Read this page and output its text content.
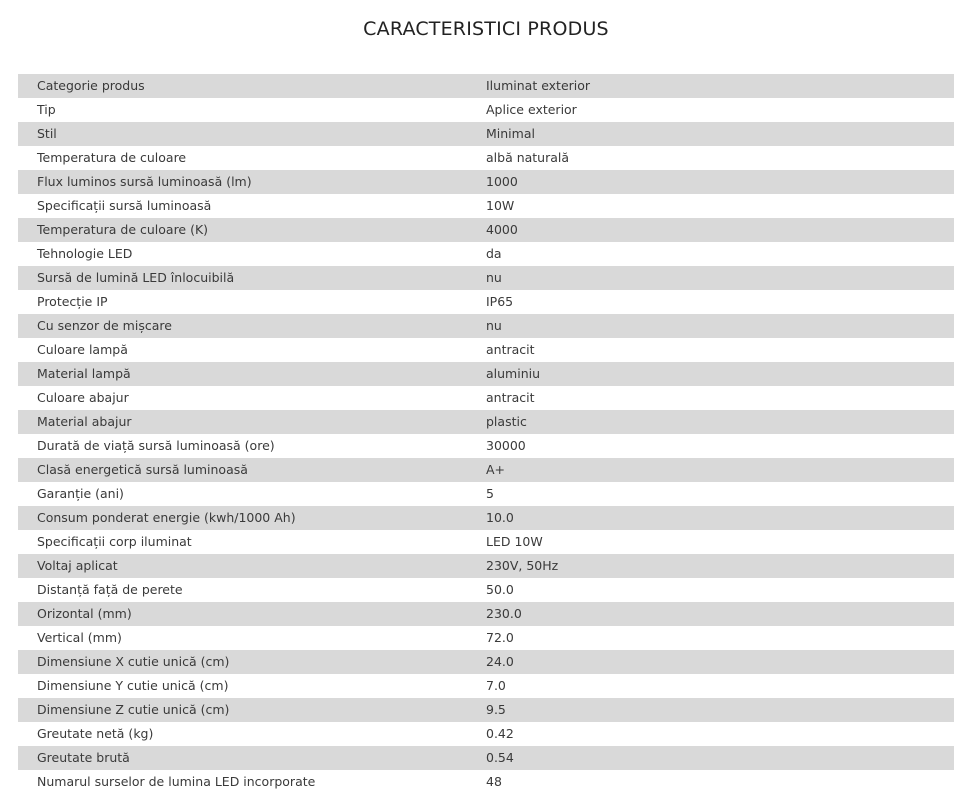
CARACTERISTICI PRODUS
Categorie produs	Iluminat exterior
Tip	Aplice exterior
Stil	Minimal
Temperatura de culoare	albă naturală
Flux luminos sursă luminoasă (lm)	1000
Specificații sursă luminoasă	10W
Temperatura de culoare (K)	4000
Tehnologie LED	da
Sursă de lumină LED înlocuibilă	nu
Protecție IP	IP65
Cu senzor de mișcare	nu
Culoare lampă	antracit
Material lampă	aluminiu
Culoare abajur	antracit
Material abajur	plastic
Durată de viață sursă luminoasă (ore)	30000
Clasă energetică sursă luminoasă	A+
Garanție (ani)	5
Consum ponderat energie (kwh/1000 Ah)	10.0
Specificații corp iluminat	LED 10W
Voltaj aplicat	230V, 50Hz
Distanță față de perete	50.0
Orizontal (mm)	230.0
Vertical (mm)	72.0
Dimensiune X cutie unică (cm)	24.0
Dimensiune Y cutie unică (cm)	7.0
Dimensiune Z cutie unică (cm)	9.5
Greutate netă (kg)	0.42
Greutate brută	0.54
Numarul surselor de lumina LED incorporate	48
